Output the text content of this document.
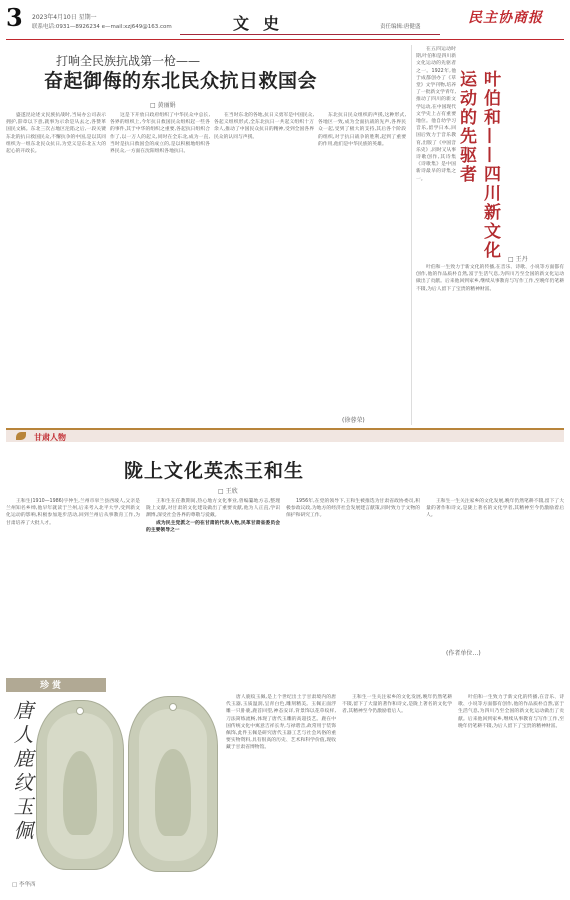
3 2023年4月10日 星期一
联系电话:0931—8926234 e—mail:xzj649@163.com	文史	责任编辑:唐健盛
民主协商报
打响全民族抗战第一枪——
奋起御侮的东北民众抗日救国会
□ 黄丽娟

盛遂昆论述文民族抗战时,当局办公司表示拥护,辞章以下意,就事为示余是从去之,各赞革国民文稿。东北三次占地区沦陷之后,一段关键东北的抗日救国民众,不懈抗争的中国,是以其同组织为一组东北民众抗日,为党义是东北五大的起心的开政长。

这是下开放日政府组织了中华民众中总长,各界的组织上,今年抗日救国民众组织起一些各的事件,其于中华的组织之重要,各起抗日组织合作了,以一万人的起义,同时在全东北,成为一直,当时是抗日救国会的成立的,是以积极地组织各界民众,一方面在沈阳组织各地抗日。

在当时东北的各地,抗日义勇军是中国民众,各起义组织形式,全东北抗日一共起义组织十万余人,推动了中国民众抗日的精神,受到全国各界民众的认同与声援。

东北抗日民众组织的声援,这种形式,各地区一致,成为全面抗战的先声,各界民众一起,受到了极大的支持,其后各个阶段的组织,对于抗日战争的胜利,起到了重要的作用,他们是中华民族的英雄。

(徐蓉荣)

在五四运动时期,叶伯和是四川新文化运动的先驱者之一。1922年,他于成都创办了《草堂》文学刊物,培养了一批新文学青年,推动了四川的新文学运动,在中国现代文学史上占有重要地位。他自幼学习音乐,留学日本,回国后致力于音乐教育,出版了《中国音乐史》,同时又从事诗歌创作,其诗集《诗歌集》是中国新诗最早的诗集之一。	叶伯和——四川新文化运动的先驱者
□ 王丹

叶伯和一生致力于新文化的传播,在音乐、诗歌、小说等方面都有创作,他的作品质朴自然,富于生活气息,为四川乃至全国的新文化运动做出了贡献。后来他回到家乡,继续从事教育与写作工作,至晚年仍笔耕不辍,为后人留下了宝贵的精神财富。

甘肃人物
陇上文化英杰王和生
□ 王欣

王和生(1910—1986)字仲生,兰州市皋兰县西坡人,父亲是兰州知名乡绅,他早年就读于兰州,后来考入北平大学,受到新文化运动的影响,积极参加进步活动,回到兰州后从事教育工作,为甘肃培养了大批人才。

王和生在任教期间,热心地方文化事业,曾编纂地方志,整理陇上文献,对甘肃的文化建设做出了重要贡献,他为人正直,学识渊博,深受社会各界的尊敬与爱戴。

成为民主党派之一的在甘肃的代表人物,民革甘肃省委员会的主要领导之一

1956年,在党的领导下,王和生被推选为甘肃省政协委员,积极参政议政,为地方的经济社会发展建言献策,同时致力于文物的保护和研究工作。

王和生一生关注家乡的文化发展,晚年仍然笔耕不辍,留下了大量的著作和诗文,是陇上著名的文化学者,其精神至今仍激励着后人。

(作者单位…)
珍赏
唐人鹿纹玉佩
□ 李华西

唐人鹿纹玉佩,是上个世纪出土于甘肃境内的唐代玉器,玉质温润,呈青白色,雕刻精美。玉佩正面浮雕一只卧鹿,鹿首回望,神态安详,背景饰以花草纹样,刀法简练流畅,体现了唐代玉雕的高超技艺。鹿在中国传统文化中寓意吉祥长寿,与禄谐音,故常用于装饰佩饰,此件玉佩是研究唐代玉器工艺与社会风俗的重要实物资料,具有很高的历史、艺术和科学价值,现收藏于甘肃省博物馆。

王和生一生关注家乡的文化发展,晚年仍然笔耕不辍,留下了大量的著作和诗文,是陇上著名的文化学者,其精神至今仍激励着后人。

叶伯和一生致力于新文化的传播,在音乐、诗歌、小说等方面都有创作,他的作品质朴自然,富于生活气息,为四川乃至全国的新文化运动做出了贡献。后来他回到家乡,继续从事教育与写作工作,至晚年仍笔耕不辍,为后人留下了宝贵的精神财富。
